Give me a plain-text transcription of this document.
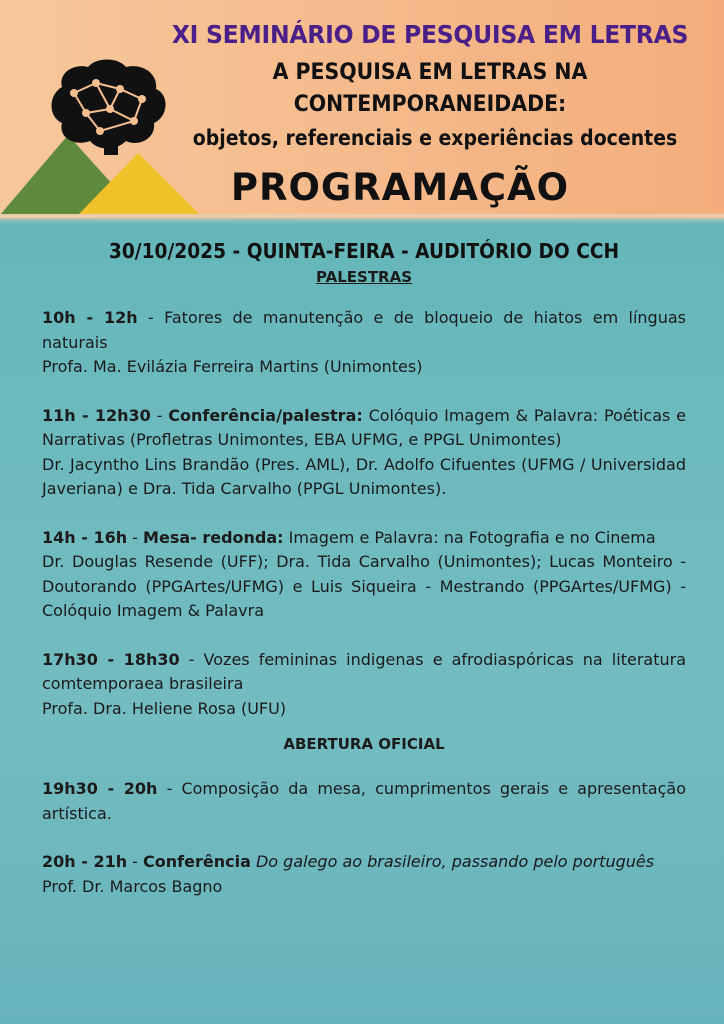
XI SEMINÁRIO DE PESQUISA EM LETRAS
A PESQUISA EM LETRAS NA
CONTEMPORANEIDADE:
objetos, referenciais e experiências docentes
PROGRAMAÇÃO

30/10/2025 - QUINTA-FEIRA - AUDITÓRIO DO CCH

PALESTRAS

10h - 12h - Fatores de manutenção e de bloqueio de hiatos em línguas naturais
Profa. Ma. Evilázia Ferreira Martins (Unimontes)

11h - 12h30 - Conferência/palestra: Colóquio Imagem & Palavra: Poéticas e Narrativas (Profletras Unimontes, EBA UFMG, e PPGL Unimontes)
Dr. Jacyntho Lins Brandão (Pres. AML), Dr. Adolfo Cifuentes (UFMG / Universidad Javeriana) e Dra. Tida Carvalho (PPGL Unimontes).

14h - 16h - Mesa- redonda: Imagem e Palavra: na Fotografia e no Cinema
Dr. Douglas Resende (UFF); Dra. Tida Carvalho (Unimontes); Lucas Monteiro - Doutorando (PPGArtes/UFMG) e Luis Siqueira - Mestrando (PPGArtes/UFMG) - Colóquio Imagem & Palavra

17h30 - 18h30 - Vozes femininas indigenas e afrodiaspóricas na literatura comtemporaea brasileira
Profa. Dra. Heliene Rosa (UFU)

ABERTURA OFICIAL

19h30 - 20h - Composição da mesa, cumprimentos gerais e apresentação artística.

20h - 21h - Conferência Do galego ao brasileiro, passando pelo português
Prof. Dr. Marcos Bagno
